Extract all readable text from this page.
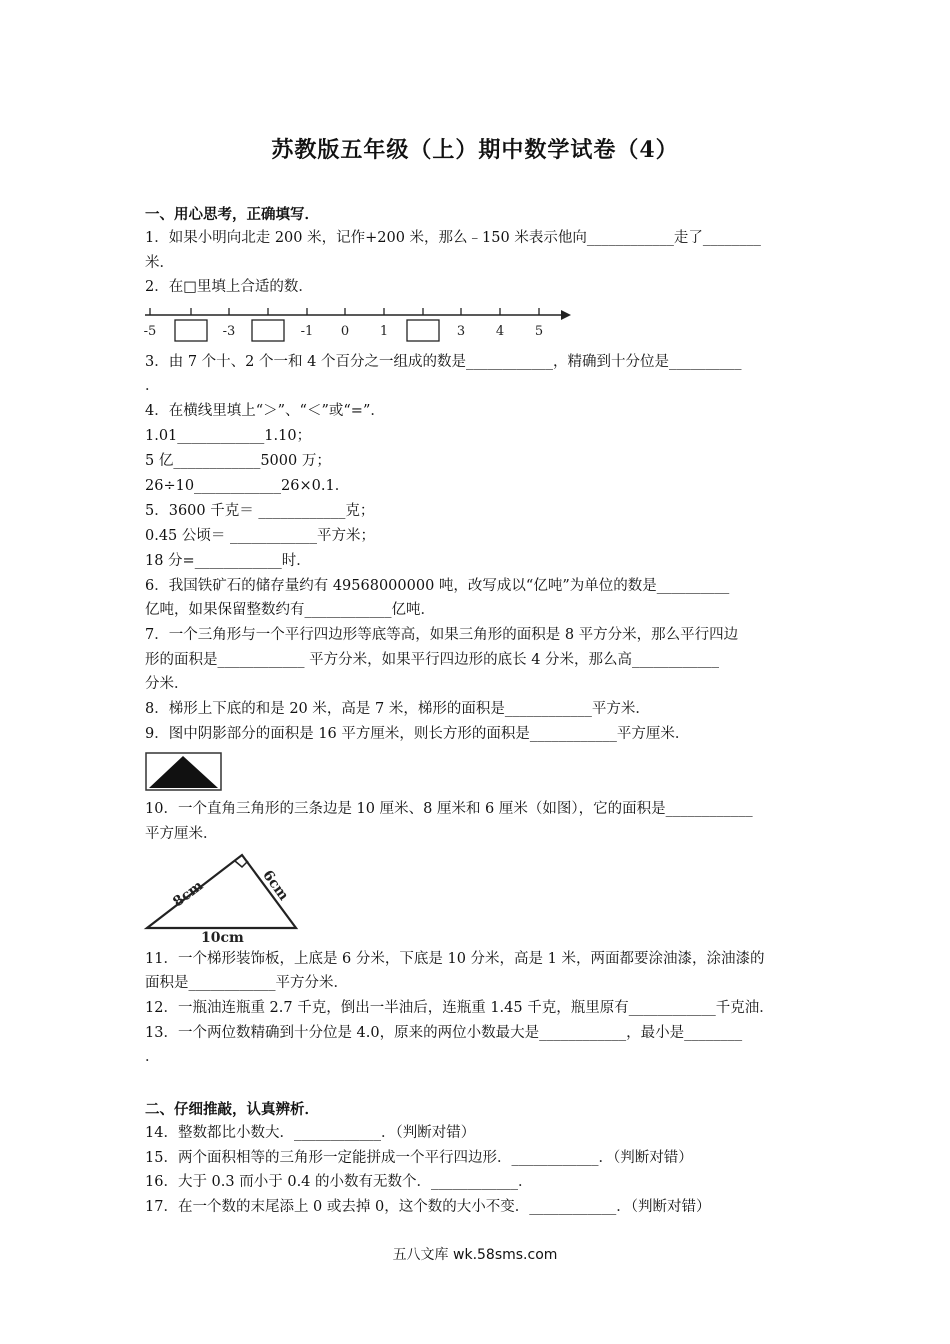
苏教版五年级（上）期中数学试卷（4）
一、用心思考，正确填写．
1．如果小明向北走 200 米，记作+200 米，那么﹣150 米表示他向____________走了________
米．
2．在□里填上合适的数．
-5	-3	-1 0 1	3 4 5
3．由 7 个十、2 个一和 4 个百分之一组成的数是____________，精确到十分位是__________
．
4．在横线里填上“＞”、“＜”或“=”．
1.01____________1.10；
5 亿____________5000 万；
26÷10____________26×0.1．
5．3600 千克＝ ____________克；
0.45 公顷＝ ____________平方米；
18 分=____________时．
6．我国铁矿石的储存量约有 49568000000 吨，改写成以“亿吨”为单位的数是__________
亿吨，如果保留整数约有____________亿吨．
7．一个三角形与一个平行四边形等底等高，如果三角形的面积是 8 平方分米，那么平行四边
形的面积是____________ 平方分米，如果平行四边形的底长 4 分米，那么高____________
分米．
8．梯形上下底的和是 20 米，高是 7 米，梯形的面积是____________平方米．
9．图中阴影部分的面积是 16 平方厘米，则长方形的面积是____________平方厘米．
10．一个直角三角形的三条边是 10 厘米、8 厘米和 6 厘米（如图），它的面积是____________
平方厘米．
8cm	6cm
10cm
11．一个梯形装饰板，上底是 6 分米，下底是 10 分米，高是 1 米，两面都要涂油漆，涂油漆的
面积是____________平方分米．
12．一瓶油连瓶重 2.7 千克，倒出一半油后，连瓶重 1.45 千克，瓶里原有____________千克油．
13．一个两位数精确到十分位是 4.0，原来的两位小数最大是____________，最小是________
．
二、仔细推敲，认真辨析．
14．整数都比小数大．____________．（判断对错）
15．两个面积相等的三角形一定能拼成一个平行四边形．____________．（判断对错）
16．大于 0.3 而小于 0.4 的小数有无数个．____________．
17．在一个数的末尾添上 0 或去掉 0，这个数的大小不变．____________．（判断对错）
五八文库 wk.58sms.com
